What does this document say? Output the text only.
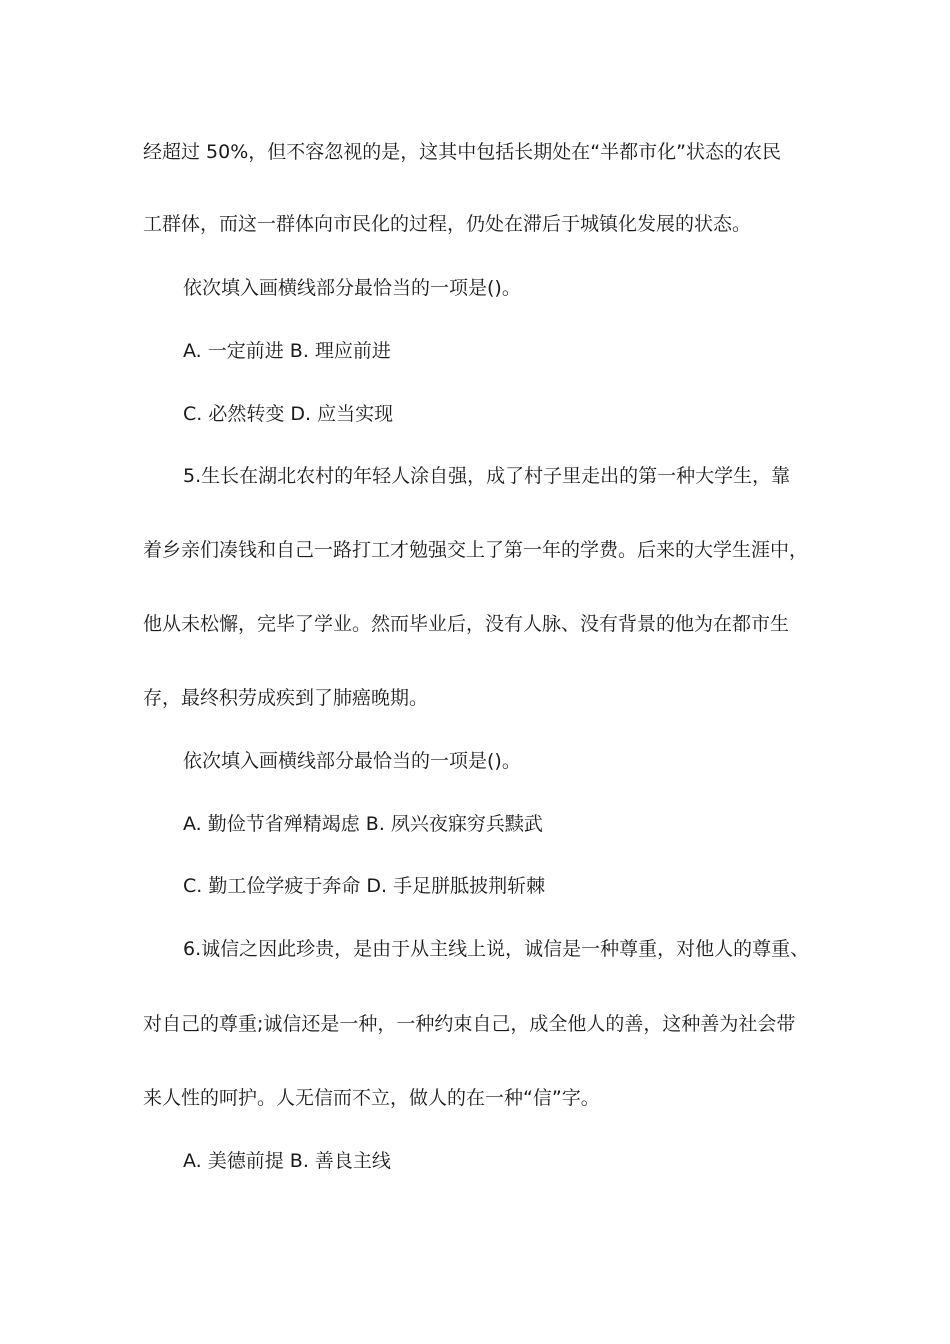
经超过 50%，但不容忽视的是，这其中包括长期处在“半都市化”状态的农民
工群体，而这一群体向市民化的过程，仍处在滞后于城镇化发展的状态。
依次填入画横线部分最恰当的一项是()。
A. 一定前进 B. 理应前进
C. 必然转变 D. 应当实现
5.生长在湖北农村的年轻人涂自强，成了村子里走出的第一种大学生，靠
着乡亲们凑钱和自己一路打工才勉强交上了第一年的学费。后来的大学生涯中，
他从未松懈，完毕了学业。然而毕业后，没有人脉、没有背景的他为在都市生
存，最终积劳成疾到了肺癌晚期。
依次填入画横线部分最恰当的一项是()。
A. 勤俭节省殚精竭虑 B. 夙兴夜寐穷兵黩武
C. 勤工俭学疲于奔命 D. 手足胼胝披荆斩棘
6.诚信之因此珍贵，是由于从主线上说，诚信是一种尊重，对他人的尊重、
对自己的尊重;诚信还是一种，一种约束自己，成全他人的善，这种善为社会带
来人性的呵护。人无信而不立，做人的在一种“信”字。
A. 美德前提 B. 善良主线
